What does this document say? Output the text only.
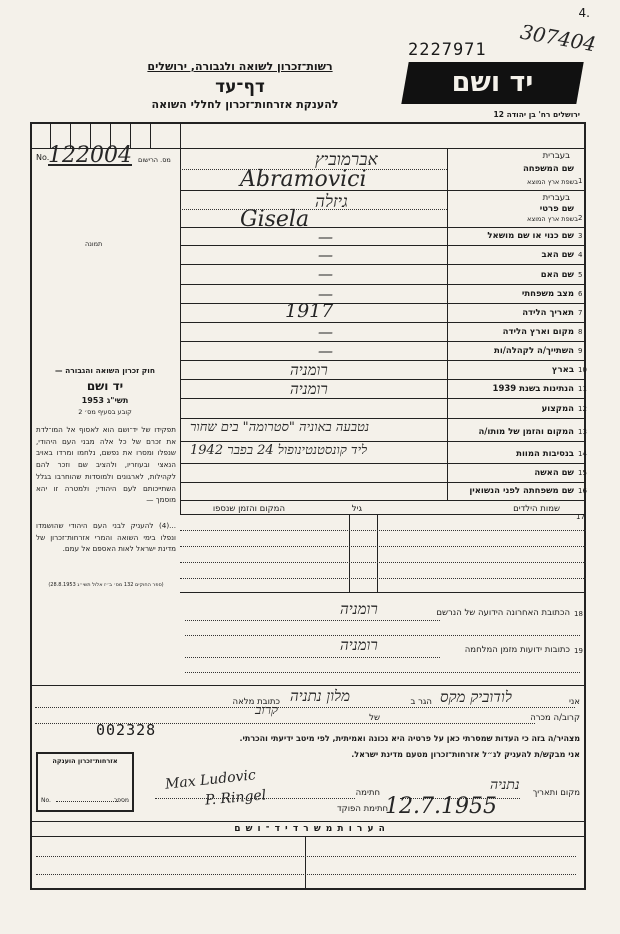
4.
2227971 307404
רשות־זכרון לשואה ולגבורה, ירושלים
דף־עד
להענקת אזרחות־זכרון לחללי השואה
יד ושם
ירושלים רח' בן יהודה 12
No.
122004 מס. הרישום
תמונה
חוק זכרון השואה והגבורה —
יד ושם
תשי"ג 1953
קובע בסעיף מס׳ 2
תפקידו של יד־ושם הוא לאסוף אל המו־לדת את זכרם של כל אלה מבני העם היהודי, שנפלו ומסרו את נפשם, נלחמו ומרדו באויב הנאצי ובעוזריו, ולהציב שם וזכר להם לקהילות, לארגונים ולמוסדות שהוחרבו בגלל השתייכותם לעם היהודי; ולמטרה זו יהא מוסמך —
...(4) להעניק לבני העם היהודי שהושמדו ונפלו בימי השואה והמרי אזרחות־זכרון של מדינת ישראל לאות האספם אל עמם.
(ספר החוקים 132 מס׳ ב״ז אלול תשי״ג 28.8.1953)
1
שם המשפחה
בעברית
בשפת ארץ המוצא
אברמוביץ
Abramovici
2
שם פרטי
בעברית
בשפת ארץ המוצא
גיזלה
Gisela
3
שם כנוי או שם מושאל
—
4
שם האב
—
5
שם האם
—
6
מצב משפחתי
—
7
תאריך הלידה
1917
8
מקום וארץ הלידה
—
9
השתייך/ה לקהלה/ות
—
10
בארץ
רומניה
11
הנתינות בשנת 1939
רומניה
12
המקצוע
13
המקום והזמן של מותו/ה
נטבעה באוניה "סטרומה" בים שחור
14
בנסיבות המוות
ליד קונסטנטינופול 24 בפבר 1942
15
שם האשה
16
שם משפחתה לפני הנשואין
17
שמות הילדים
גיל
המקום והזמן שנספו
הכתובת האחרונה הידועה של הנרשם 18
רומניה
כתובות ידועות מזמן המלחמה 19
רומניה
אני
לודוביק מקס
הגר ב
מלון נתניה
כתובת מלאה
קרוב/ה מכרה
של
קרוב
מצהיר/ה בזה כי העדות שמסרתי כאן על פרטיה היא נכונה ואמיתית, לפי מיטב ידיעתי והכרתי.
אני מבקש/ת להעניק לנ״ל אזרחות־זכרון מטעם מדינת ישראל.
002328
אזרחות־זכרון הוענקה
No.	מספר
מקום ותאריך
נתניה
חתימה
Max Ludovic
חתימת הפוקד
P. Ringel	12.7.1955
ה ע ר ו ת מ ש ר ד י ד ־ ו ש ם
